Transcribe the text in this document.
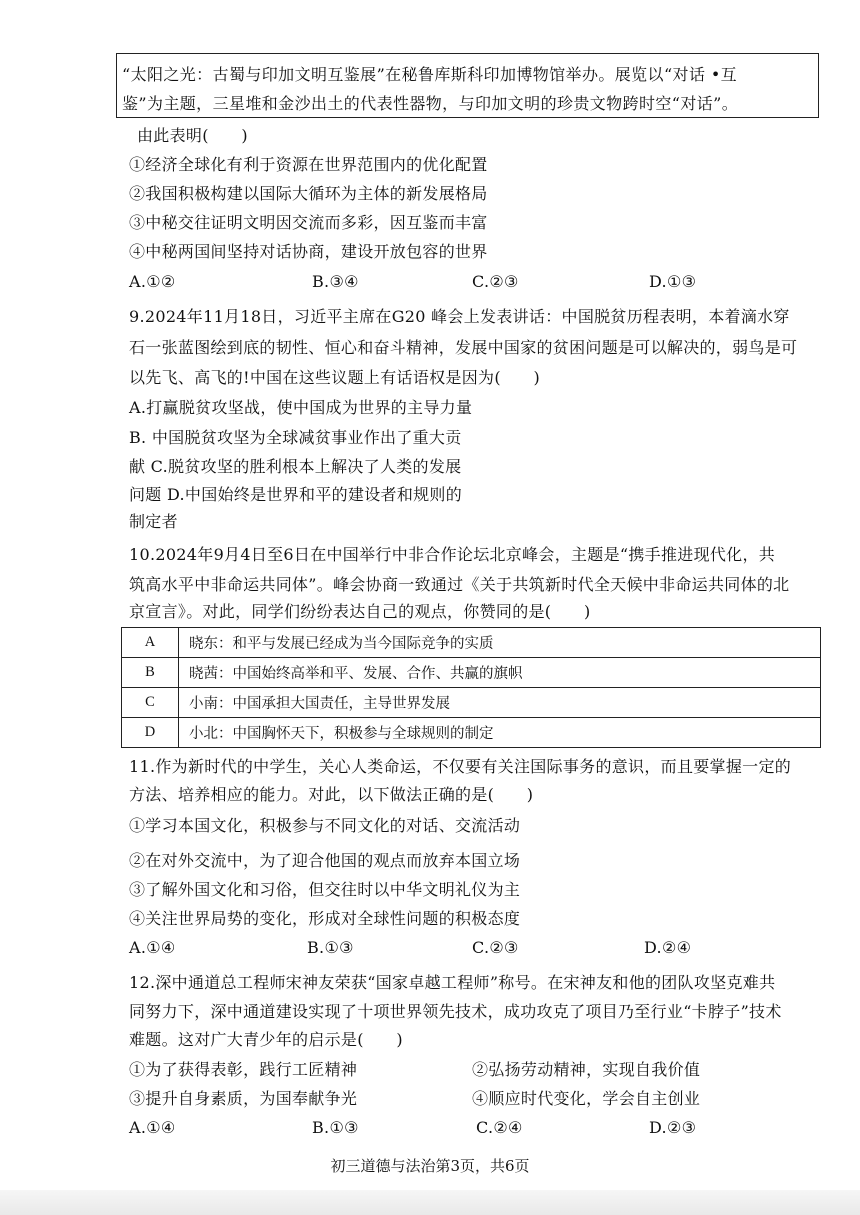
“太阳之光：古蜀与印加文明互鉴展”在秘鲁库斯科印加博物馆举办。展览以“对话 •互
鉴”为主题，三星堆和金沙出土的代表性器物，与印加文明的珍贵文物跨时空“对话”。
由此表明(　　)
①经济全球化有利于资源在世界范围内的优化配置
②我国积极构建以国际大循环为主体的新发展格局
③中秘交往证明文明因交流而多彩，因互鉴而丰富
④中秘两国间坚持对话协商，建设开放包容的世界
A.①②	B.③④	C.②③	D.①③
9.2024年11月18日，习近平主席在G20 峰会上发表讲话：中国脱贫历程表明，本着滴水穿
石一张蓝图绘到底的韧性、恒心和奋斗精神，发展中国家的贫困问题是可以解决的，弱鸟是可
以先飞、高飞的!中国在这些议题上有话语权是因为(　　)
A.打赢脱贫攻坚战，使中国成为世界的主导力量
B. 中国脱贫攻坚为全球减贫事业作出了重大贡
献 C.脱贫攻坚的胜利根本上解决了人类的发展
问题 D.中国始终是世界和平的建设者和规则的
制定者
10.2024年9月4日至6日在中国举行中非合作论坛北京峰会，主题是“携手推进现代化，共
筑高水平中非命运共同体”。峰会协商一致通过《关于共筑新时代全天候中非命运共同体的北
京宣言》。对此，同学们纷纷表达自己的观点，你赞同的是(　　)
A	晓东：和平与发展已经成为当今国际竞争的实质
B	晓茜：中国始终高举和平、发展、合作、共赢的旗帜
C	小南：中国承担大国责任，主导世界发展
D	小北：中国胸怀天下，积极参与全球规则的制定
11.作为新时代的中学生，关心人类命运，不仅要有关注国际事务的意识，而且要掌握一定的
方法、培养相应的能力。对此，以下做法正确的是(　　)
①学习本国文化，积极参与不同文化的对话、交流活动
②在对外交流中，为了迎合他国的观点而放弃本国立场
③了解外国文化和习俗，但交往时以中华文明礼仪为主
④关注世界局势的变化，形成对全球性问题的积极态度
A.①④	B.①③	C.②③	D.②④
12.深中通道总工程师宋神友荣获“国家卓越工程师”称号。在宋神友和他的团队攻坚克难共
同努力下，深中通道建设实现了十项世界领先技术，成功攻克了项目乃至行业“卡脖子”技术
难题。这对广大青少年的启示是(　　)
①为了获得表彰，践行工匠精神	②弘扬劳动精神，实现自我价值
③提升自身素质，为国奉献争光	④顺应时代变化，学会自主创业
A.①④	B.①③	C.②④	D.②③
初三道德与法治第3页，共6页
